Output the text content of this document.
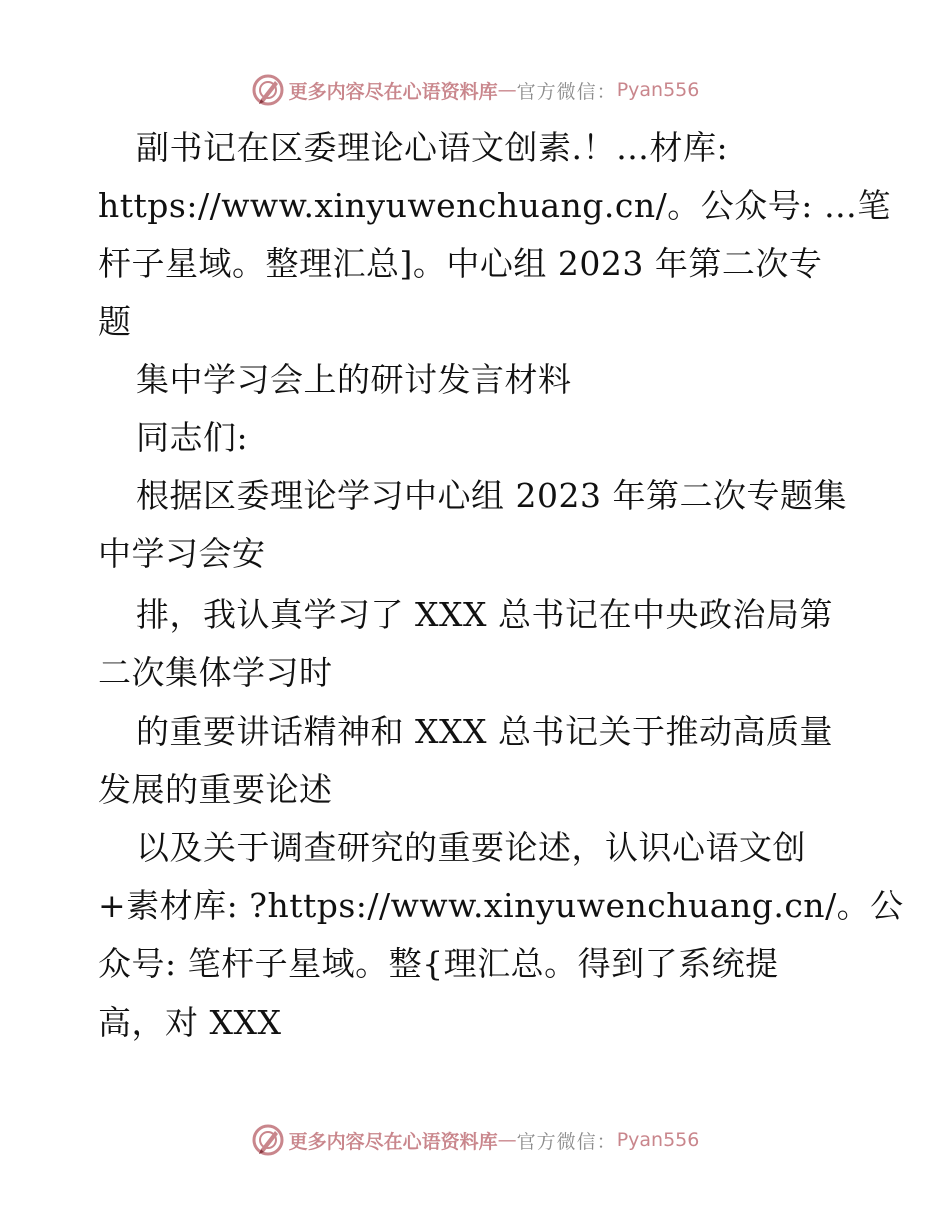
更多内容尽在心语资料库 — 官方微信： Pyan556
副书记在区委理论心语文创素.！…材库:
https://www.xinyuwenchuang.cn/。公众号: …笔
杆子星域。整理汇总]。中心组 2023 年第二次专
题
集中学习会上的研讨发言材料
同志们:
根据区委理论学习中心组 2023 年第二次专题集
中学习会安
排，我认真学习了 XXX 总书记在中央政治局第
二次集体学习时
的重要讲话精神和 XXX 总书记关于推动高质量
发展的重要论述
以及关于调查研究的重要论述，认识心语文创
+素材库: ?https://www.xinyuwenchuang.cn/。公
众号: 笔杆子星域。整{理汇总。得到了系统提
高，对 XXX
更多内容尽在心语资料库 — 官方微信： Pyan556
